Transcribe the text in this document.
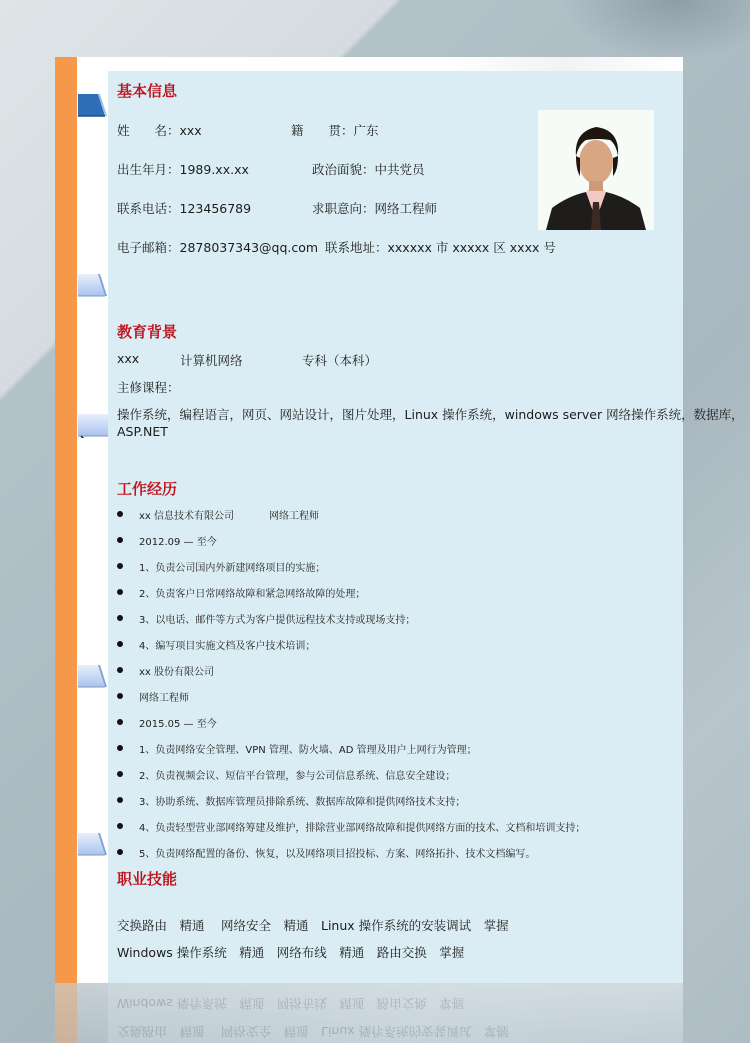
基本信息
姓　　名：xxx	籍　　贯：广东
出生年月：1989.xx.xx	政治面貌：中共党员
联系电话：123456789	求职意向：网络工程师
电子邮箱：2878037343@qq.com 联系地址：xxxxxx 市 xxxxx 区 xxxx 号
教育背景
xxx	计算机网络	专科（本科）
主修课程：
操作系统，编程语言，网页、网站设计，图片处理，Linux 操作系统，windows server 网络操作系统，数据库，
ASP.NET
工作经历
xx 信息技术有限公司	网络工程师
2012.09 — 至今
1、负责公司国内外新建网络项目的实施；
2、负责客户日常网络故障和紧急网络故障的处理；
3、以电话、邮件等方式为客户提供远程技术支持或现场支持；
4、编写项目实施文档及客户技术培训；
xx 股份有限公司
网络工程师
2015.05 — 至今
1、负责网络安全管理、VPN 管理、防火墙、AD 管理及用户上网行为管理；
2、负责视频会议、短信平台管理，参与公司信息系统、信息安全建设；
3、协助系统、数据库管理员排除系统、数据库故障和提供网络技术支持；
4、负责轻型营业部网络筹建及维护，排除营业部网络故障和提供网络方面的技术、文档和培训支持；
5、负责网络配置的备份、恢复，以及网络项目招投标、方案、网络拓扑、技术文档编写。
职业技能
交换路由　精通　 网络安全　精通　Linux 操作系统的安装调试　掌握
Windows 操作系统　精通　网络布线　精通　路由交换　掌握
Windows 操作系统　精通　网络布线　精通　路由交换　掌握
交换路由　精通　 网络安全　精通　Linux 操作系统的安装调试　掌握
